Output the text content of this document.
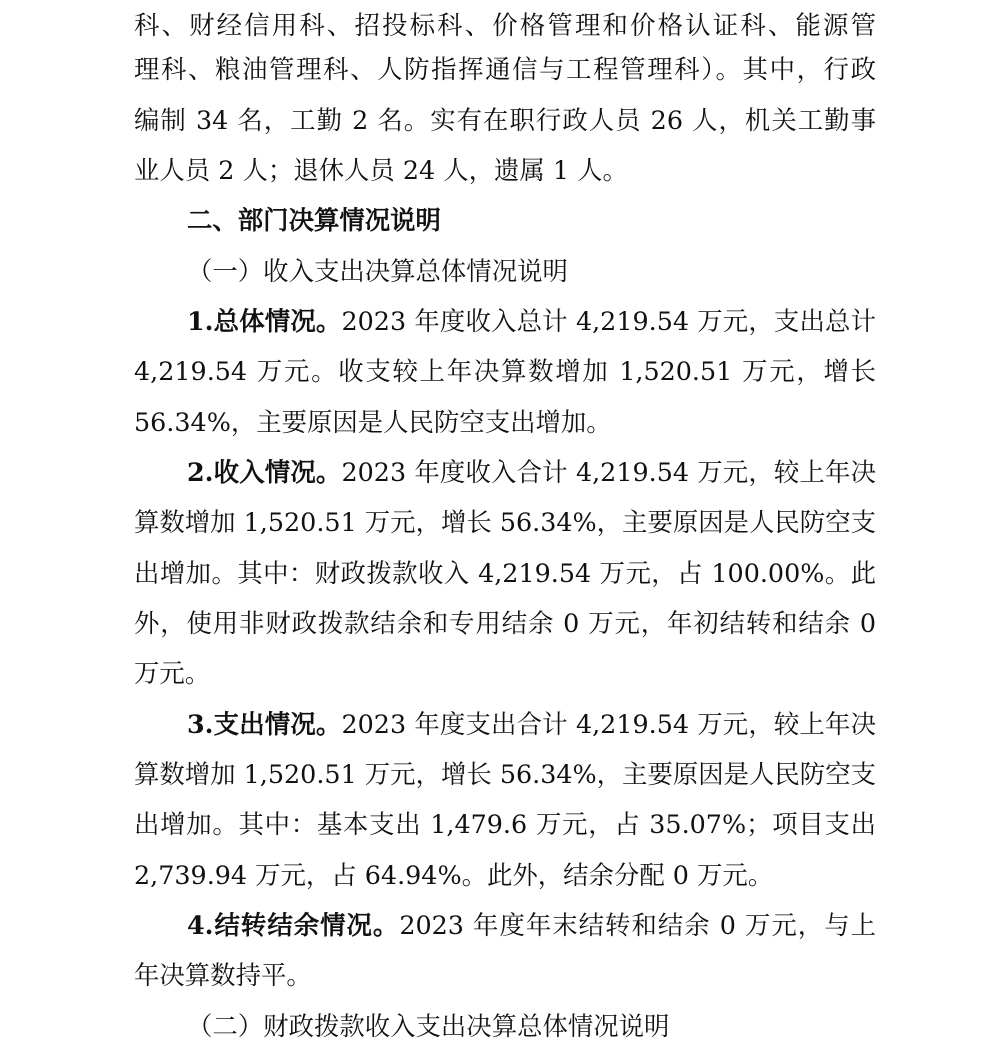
科、财经信用科、招投标科、价格管理和价格认证科、能源管
理科、粮油管理科、人防指挥通信与工程管理科）。其中，行政
编制 34 名，工勤 2 名。实有在职行政人员 26 人，机关工勤事
业人员 2 人；退休人员 24 人，遗属 1 人。
二、部门决算情况说明
（一）收入支出决算总体情况说明
1.总体情况。2023 年度收入总计 4,219.54 万元，支出总计
4,219.54 万元。收支较上年决算数增加 1,520.51 万元，增长
56.34%，主要原因是人民防空支出增加。
2.收入情况。2023 年度收入合计 4,219.54 万元，较上年决
算数增加 1,520.51 万元，增长 56.34%，主要原因是人民防空支
出增加。其中：财政拨款收入 4,219.54 万元，占 100.00%。此
外，使用非财政拨款结余和专用结余 0 万元，年初结转和结余 0
万元。
3.支出情况。2023 年度支出合计 4,219.54 万元，较上年决
算数增加 1,520.51 万元，增长 56.34%，主要原因是人民防空支
出增加。其中：基本支出 1,479.6 万元，占 35.07%；项目支出
2,739.94 万元，占 64.94%。此外，结余分配 0 万元。
4.结转结余情况。2023 年度年末结转和结余 0 万元，与上
年决算数持平。
（二）财政拨款收入支出决算总体情况说明
